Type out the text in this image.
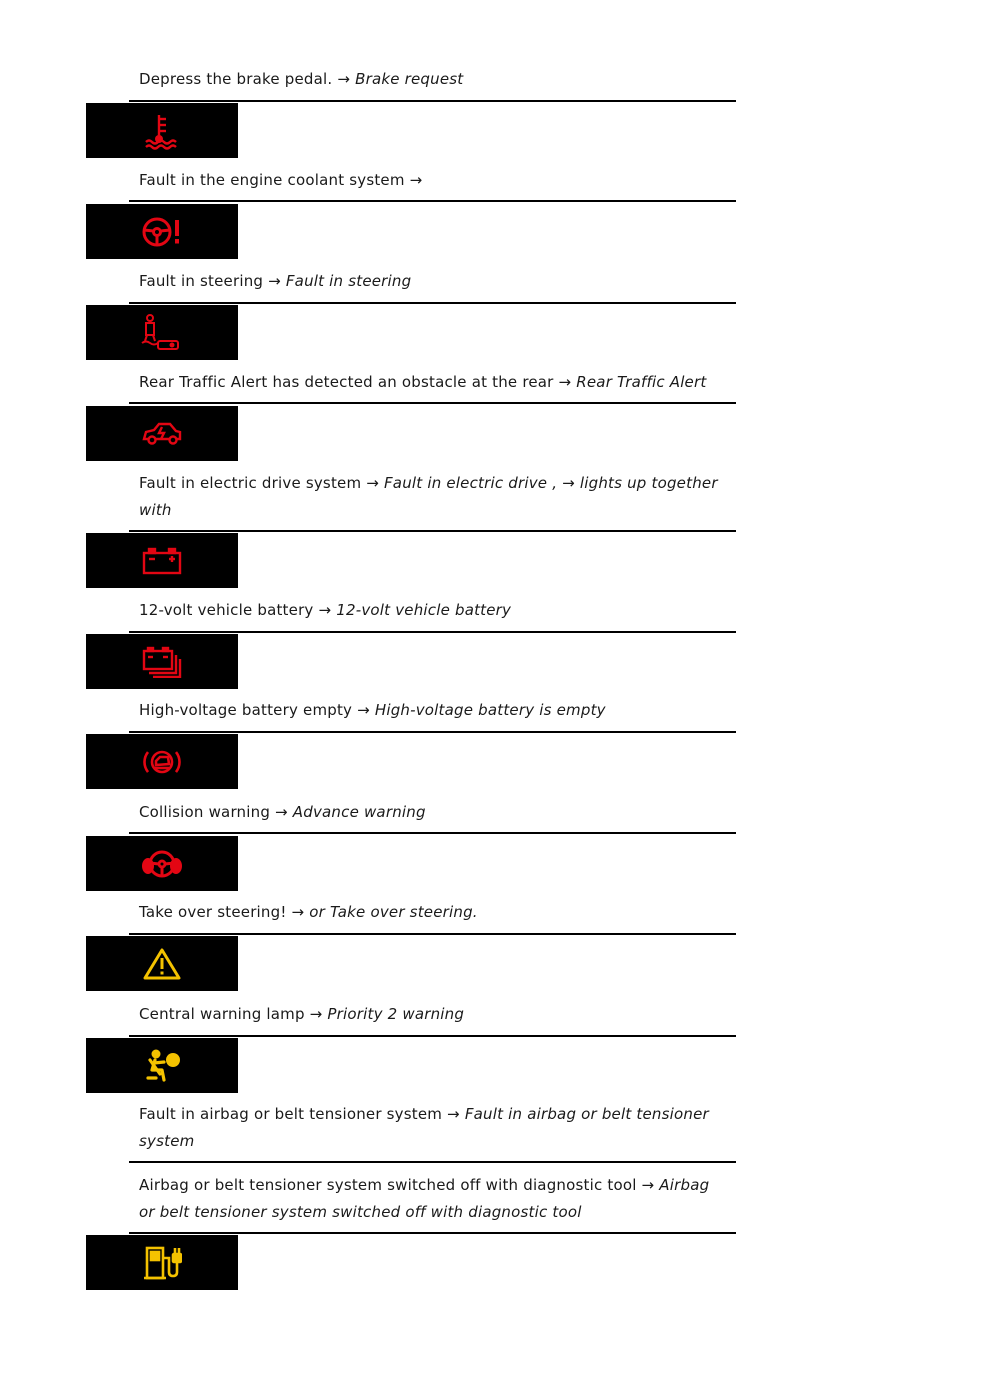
Depress the brake pedal. → Brake request
Fault in the engine coolant system →
Fault in steering → Fault in steering
Rear Traffic Alert has detected an obstacle at the rear → Rear Traffic Alert
Fault in electric drive system → Fault in electric drive , → lights up together with
12-volt vehicle battery → 12-volt vehicle battery
High-voltage battery empty → High-voltage battery is empty
Collision warning → Advance warning
Take over steering! → or Take over steering.
Central warning lamp → Priority 2 warning
Fault in airbag or belt tensioner system → Fault in airbag or belt tensioner system
Airbag or belt tensioner system switched off with diagnostic tool → Airbag or belt tensioner system switched off with diagnostic tool
